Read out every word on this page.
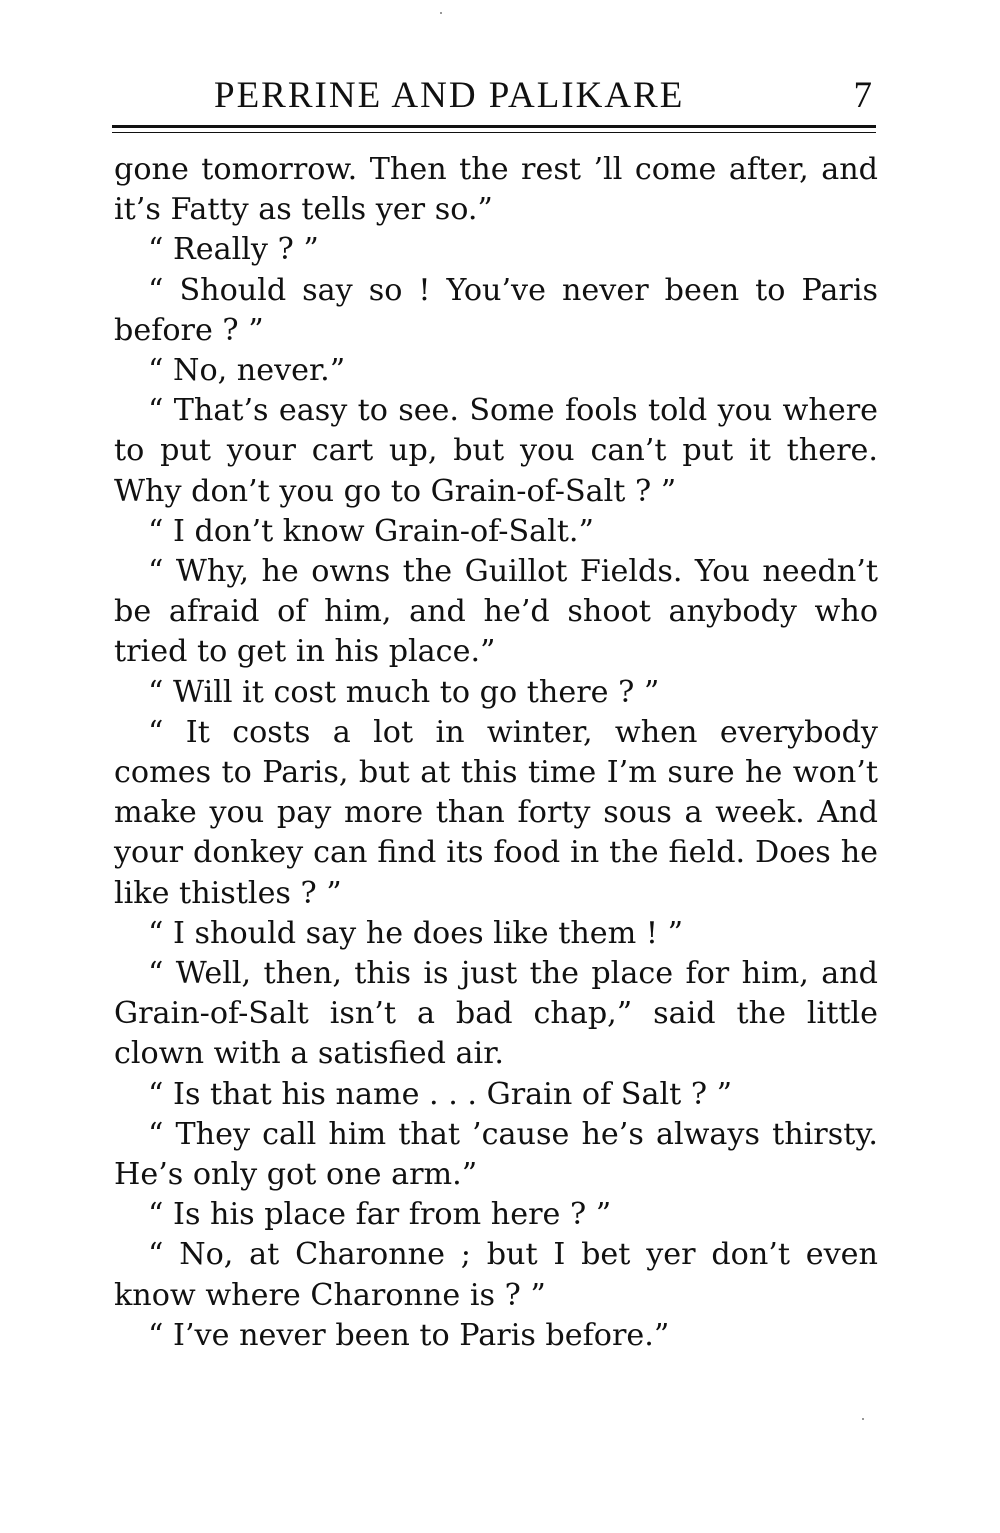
PERRINE AND PALIKARE	7

gone tomorrow. Then the rest ’ll come after, and it’s Fatty as tells yer so.”

“ Really ? ”

“ Should say so ! You’ve never been to Paris before ? ”

“ No, never.”

“ That’s easy to see. Some fools told you where to put your cart up, but you can’t put it there. Why don’t you go to Grain-of-Salt ? ”

“ I don’t know Grain-of-Salt.”

“ Why, he owns the Guillot Fields. You needn’t be afraid of him, and he’d shoot anybody who tried to get in his place.”

“ Will it cost much to go there ? ”

“ It costs a lot in winter, when everybody comes to Paris, but at this time I’m sure he won’t make you pay more than forty sous a week. And your donkey can find its food in the field. Does he like thistles ? ”

“ I should say he does like them ! ”

“ Well, then, this is just the place for him, and Grain-of-Salt isn’t a bad chap,” said the little clown with a satisfied air.

“ Is that his name . . . Grain of Salt ? ”

“ They call him that ’cause he’s always thirsty. He’s only got one arm.”

“ Is his place far from here ? ”

“ No, at Charonne ; but I bet yer don’t even know where Charonne is ? ”

“ I’ve never been to Paris before.”
